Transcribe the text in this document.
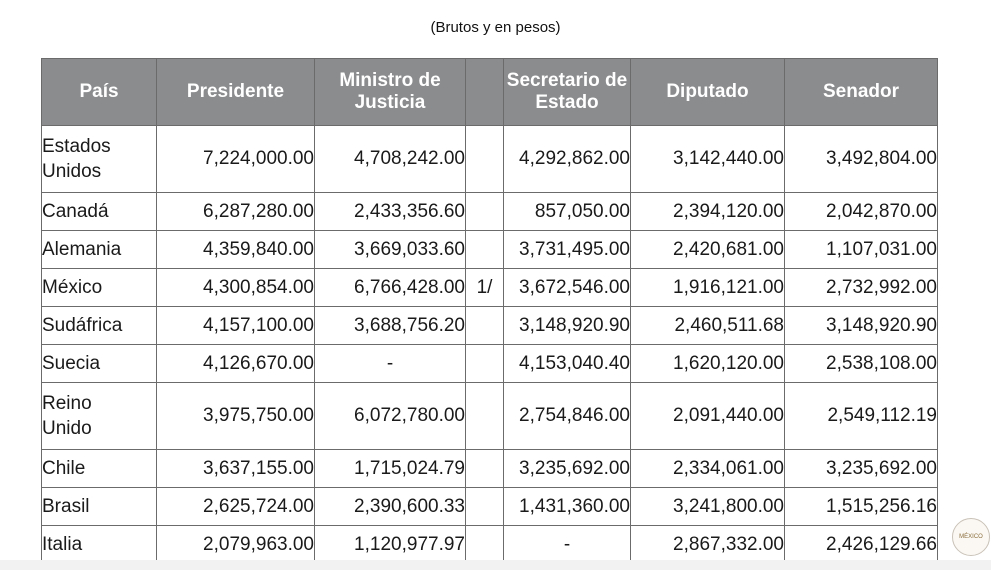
(Brutos y en pesos)
País	Presidente	Ministro de Justicia		Secretario de Estado	Diputado	Senador
Estados Unidos	7,224,000.00	4,708,242.00		4,292,862.00	3,142,440.00	3,492,804.00
Canadá	6,287,280.00	2,433,356.60		857,050.00	2,394,120.00	2,042,870.00
Alemania	4,359,840.00	3,669,033.60		3,731,495.00	2,420,681.00	1,107,031.00
México	4,300,854.00	6,766,428.00	1/	3,672,546.00	1,916,121.00	2,732,992.00
Sudáfrica	4,157,100.00	3,688,756.20		3,148,920.90	2,460,511.68	3,148,920.90
Suecia	4,126,670.00	-		4,153,040.40	1,620,120.00	2,538,108.00
Reino Unido	3,975,750.00	6,072,780.00		2,754,846.00	2,091,440.00	2,549,112.19
Chile	3,637,155.00	1,715,024.79		3,235,692.00	2,334,061.00	3,235,692.00
Brasil	2,625,724.00	2,390,600.33		1,431,360.00	3,241,800.00	1,515,256.16
Italia	2,079,963.00	1,120,977.97		-	2,867,332.00	2,426,129.66	MÉXICO
